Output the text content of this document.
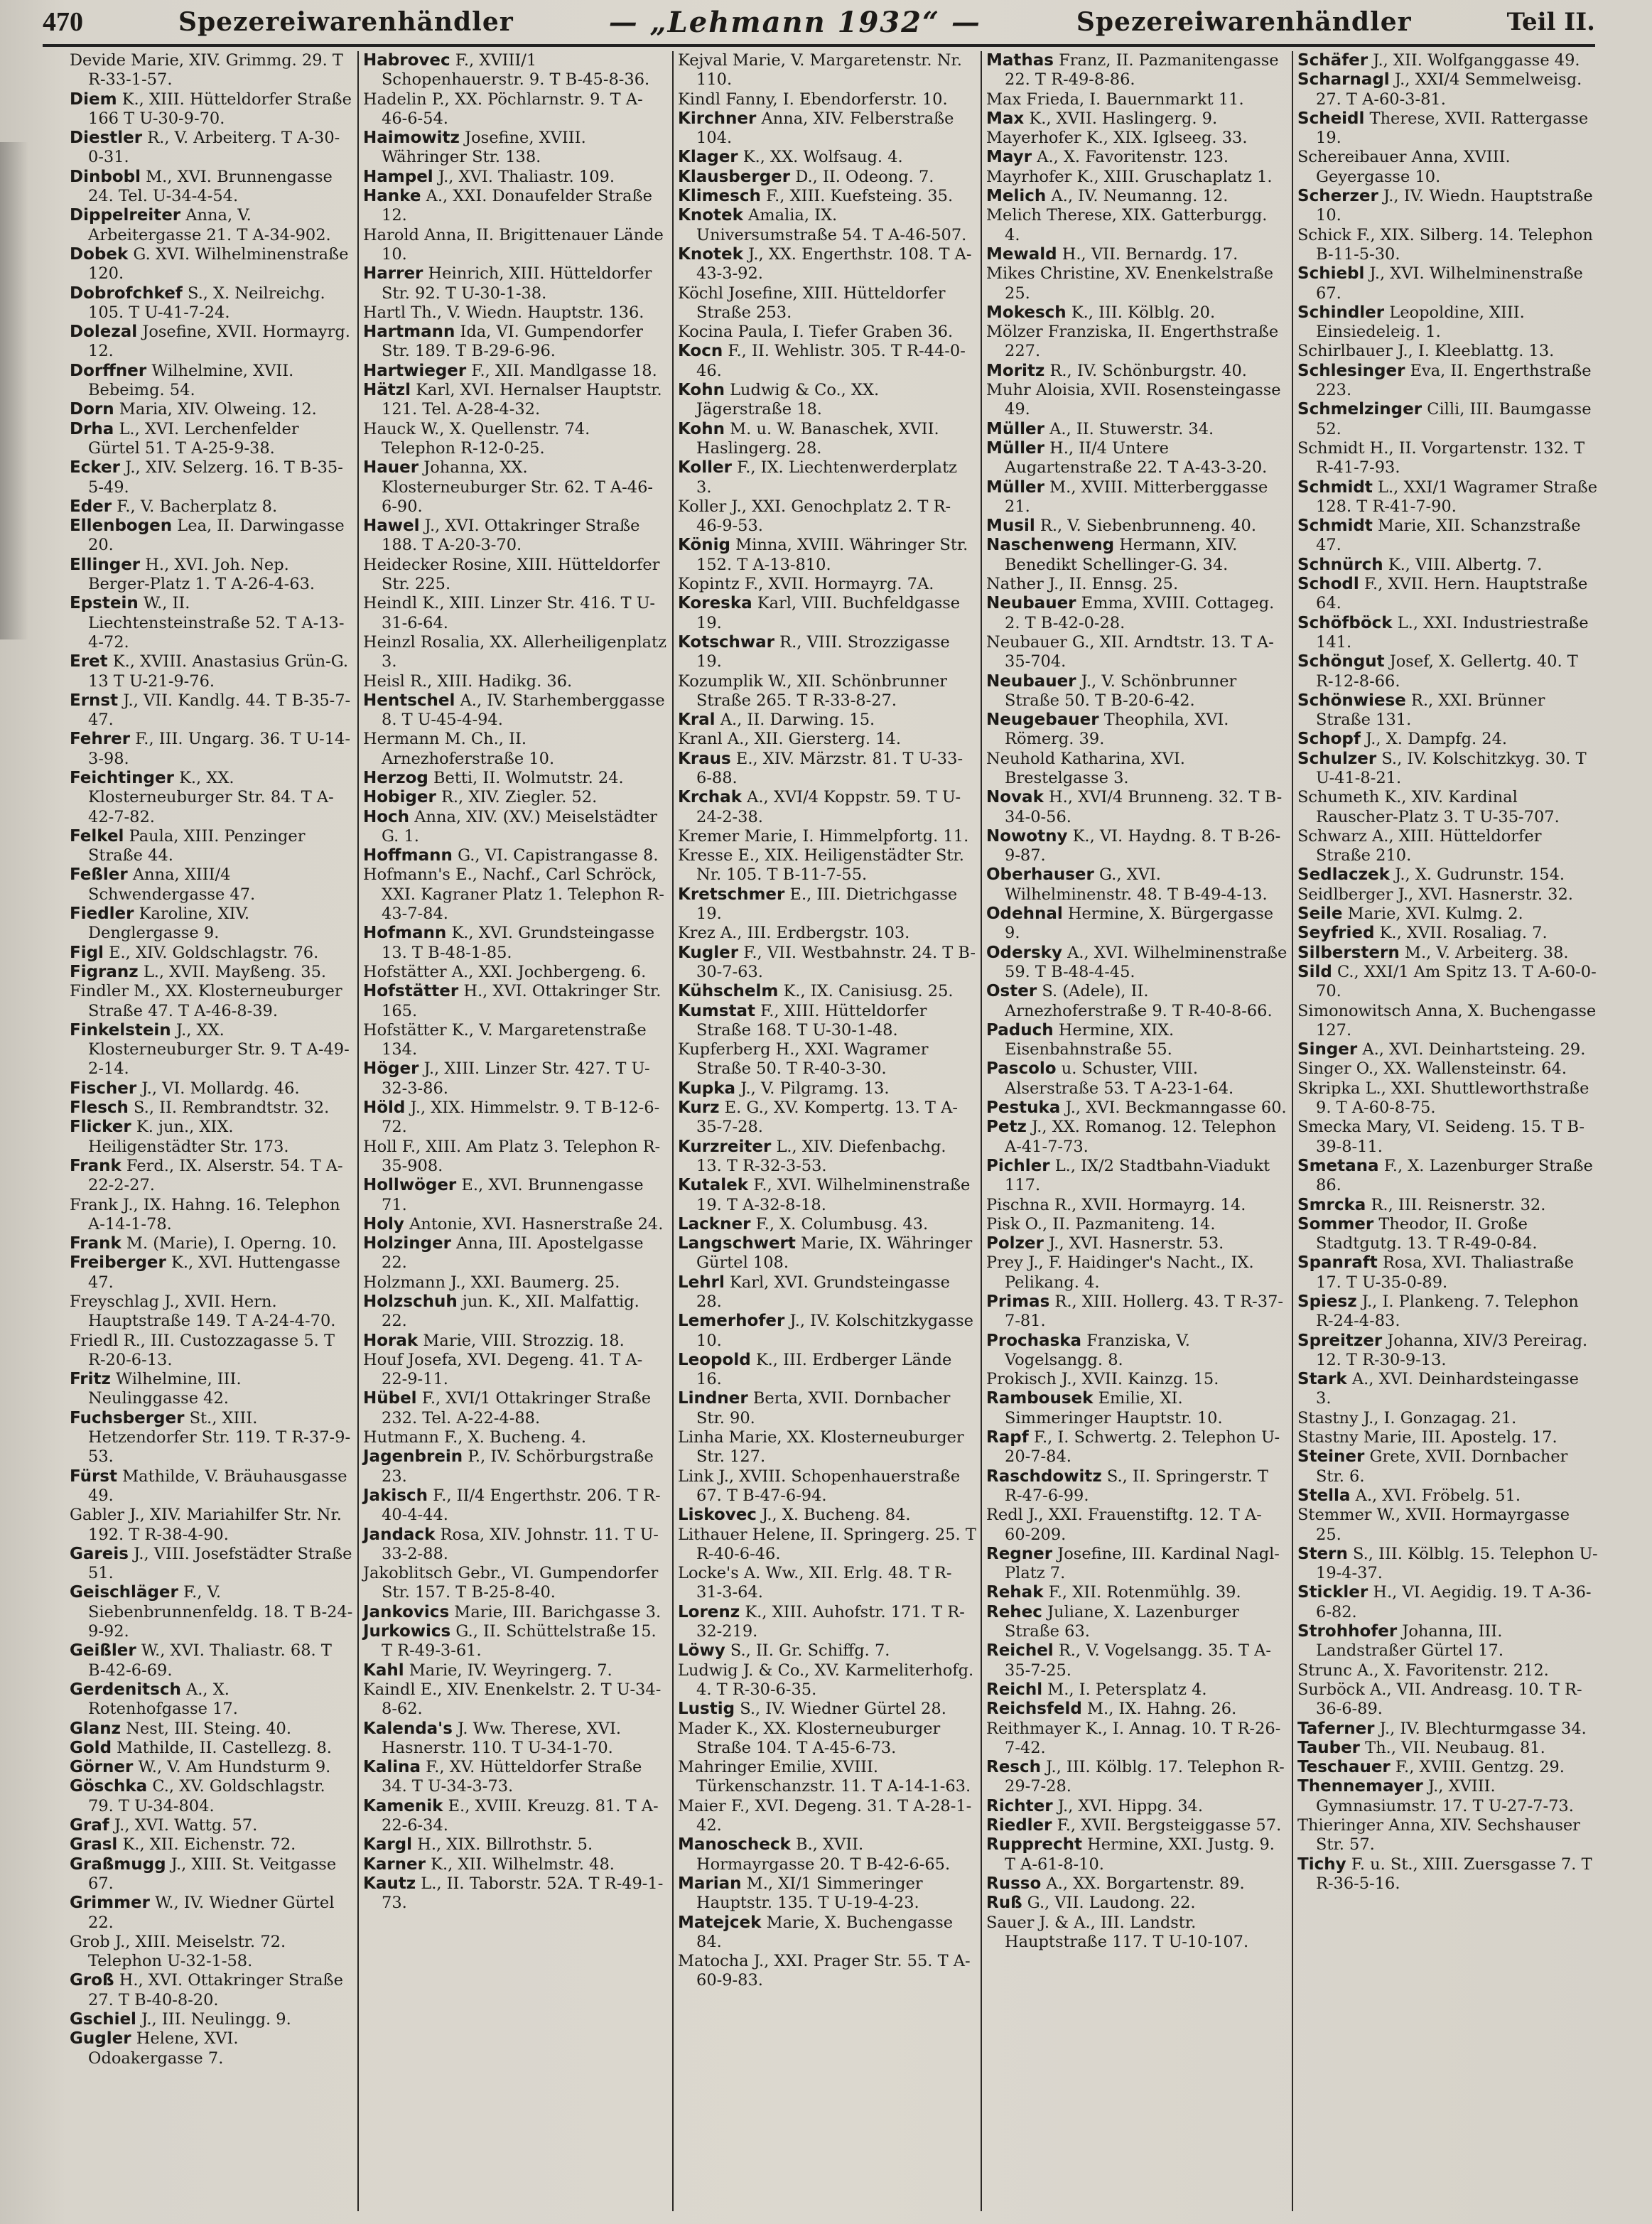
470	Spezereiwarenhändler	— „Lehmann 1932“ —	Spezereiwarenhändler	Teil II.

Devide Marie, XIV. Grimmg. 29. T R-33-1-57.

Diem K., XIII. Hütteldorfer Straße 166 T U-30-9-70.

Diestler R., V. Arbeiterg. T A-30-0-31.

Dinbobl M., XVI. Brunnengasse 24. Tel. U-34-4-54.

Dippelreiter Anna, V. Arbeitergasse 21. T A-34-902.

Dobek G. XVI. Wilhelminenstraße 120.

Dobrofchkef S., X. Neilreichg. 105. T U-41-7-24.

Dolezal Josefine, XVII. Hormayrg. 12.

Dorffner Wilhelmine, XVII. Bebeimg. 54.

Dorn Maria, XIV. Olweing. 12.

Drha L., XVI. Lerchenfelder Gürtel 51. T A-25-9-38.

Ecker J., XIV. Selzerg. 16. T B-35-5-49.

Eder F., V. Bacherplatz 8.

Ellenbogen Lea, II. Darwingasse 20.

Ellinger H., XVI. Joh. Nep. Berger-Platz 1. T A-26-4-63.

Epstein W., II. Liechtensteinstraße 52. T A-13-4-72.

Eret K., XVIII. Anastasius Grün-G. 13 T U-21-9-76.

Ernst J., VII. Kandlg. 44. T B-35-7-47.

Fehrer F., III. Ungarg. 36. T U-14-3-98.

Feichtinger K., XX. Klosterneuburger Str. 84. T A-42-7-82.

Felkel Paula, XIII. Penzinger Straße 44.

Feßler Anna, XIII/4 Schwendergasse 47.

Fiedler Karoline, XIV. Denglergasse 9.

Figl E., XIV. Goldschlagstr. 76.

Figranz L., XVII. Mayßeng. 35.

Findler M., XX. Klosterneuburger Straße 47. T A-46-8-39.

Finkelstein J., XX. Klosterneuburger Str. 9. T A-49-2-14.

Fischer J., VI. Mollardg. 46.

Flesch S., II. Rembrandtstr. 32.

Flicker K. jun., XIX. Heiligenstädter Str. 173.

Frank Ferd., IX. Alserstr. 54. T A-22-2-27.

Frank J., IX. Hahng. 16. Telephon A-14-1-78.

Frank M. (Marie), I. Operng. 10.

Freiberger K., XVI. Huttengasse 47.

Freyschlag J., XVII. Hern. Hauptstraße 149. T A-24-4-70.

Friedl R., III. Custozzagasse 5. T R-20-6-13.

Fritz Wilhelmine, III. Neulinggasse 42.

Fuchsberger St., XIII. Hetzendorfer Str. 119. T R-37-9-53.

Fürst Mathilde, V. Bräuhausgasse 49.

Gabler J., XIV. Mariahilfer Str. Nr. 192. T R-38-4-90.

Gareis J., VIII. Josefstädter Straße 51.

Geischläger F., V. Siebenbrunnenfeldg. 18. T B-24-9-92.

Geißler W., XVI. Thaliastr. 68. T B-42-6-69.

Gerdenitsch A., X. Rotenhofgasse 17.

Glanz Nest, III. Steing. 40.

Gold Mathilde, II. Castellezg. 8.

Görner W., V. Am Hundsturm 9.

Göschka C., XV. Goldschlagstr. 79. T U-34-804.

Graf J., XVI. Wattg. 57.

Grasl K., XII. Eichenstr. 72.

Graßmugg J., XIII. St. Veitgasse 67.

Grimmer W., IV. Wiedner Gürtel 22.

Grob J., XIII. Meiselstr. 72. Telephon U-32-1-58.

Groß H., XVI. Ottakringer Straße 27. T B-40-8-20.

Gschiel J., III. Neulingg. 9.

Gugler Helene, XVI. Odoakergasse 7.

Habrovec F., XVIII/1 Schopenhauerstr. 9. T B-45-8-36.

Hadelin P., XX. Pöchlarnstr. 9. T A-46-6-54.

Haimowitz Josefine, XVIII. Währinger Str. 138.

Hampel J., XVI. Thaliastr. 109.

Hanke A., XXI. Donaufelder Straße 12.

Harold Anna, II. Brigittenauer Lände 10.

Harrer Heinrich, XIII. Hütteldorfer Str. 92. T U-30-1-38.

Hartl Th., V. Wiedn. Hauptstr. 136.

Hartmann Ida, VI. Gumpendorfer Str. 189. T B-29-6-96.

Hartwieger F., XII. Mandlgasse 18.

Hätzl Karl, XVI. Hernalser Hauptstr. 121. Tel. A-28-4-32.

Hauck W., X. Quellenstr. 74. Telephon R-12-0-25.

Hauer Johanna, XX. Klosterneuburger Str. 62. T A-46-6-90.

Hawel J., XVI. Ottakringer Straße 188. T A-20-3-70.

Heidecker Rosine, XIII. Hütteldorfer Str. 225.

Heindl K., XIII. Linzer Str. 416. T U-31-6-64.

Heinzl Rosalia, XX. Allerheiligenplatz 3.

Heisl R., XIII. Hadikg. 36.

Hentschel A., IV. Starhemberggasse 8. T U-45-4-94.

Hermann M. Ch., II. Arnezhoferstraße 10.

Herzog Betti, II. Wolmutstr. 24.

Hobiger R., XIV. Ziegler. 52.

Hoch Anna, XIV. (XV.) Meiselstädter G. 1.

Hoffmann G., VI. Capistrangasse 8.

Hofmann's E., Nachf., Carl Schröck, XXI. Kagraner Platz 1. Telephon R-43-7-84.

Hofmann K., XVI. Grundsteingasse 13. T B-48-1-85.

Hofstätter A., XXI. Jochbergeng. 6.

Hofstätter H., XVI. Ottakringer Str. 165.

Hofstätter K., V. Margaretenstraße 134.

Höger J., XIII. Linzer Str. 427. T U-32-3-86.

Höld J., XIX. Himmelstr. 9. T B-12-6-72.

Holl F., XIII. Am Platz 3. Telephon R-35-908.

Hollwöger E., XVI. Brunnengasse 71.

Holy Antonie, XVI. Hasnerstraße 24.

Holzinger Anna, III. Apostelgasse 22.

Holzmann J., XXI. Baumerg. 25.

Holzschuh jun. K., XII. Malfattig. 22.

Horak Marie, VIII. Strozzig. 18.

Houf Josefa, XVI. Degeng. 41. T A-22-9-11.

Hübel F., XVI/1 Ottakringer Straße 232. Tel. A-22-4-88.

Hutmann F., X. Bucheng. 4.

Jagenbrein P., IV. Schörburgstraße 23.

Jakisch F., II/4 Engerthstr. 206. T R-40-4-44.

Jandack Rosa, XIV. Johnstr. 11. T U-33-2-88.

Jakoblitsch Gebr., VI. Gumpendorfer Str. 157. T B-25-8-40.

Jankovics Marie, III. Barichgasse 3.

Jurkowics G., II. Schüttelstraße 15. T R-49-3-61.

Kahl Marie, IV. Weyringerg. 7.

Kaindl E., XIV. Enenkelstr. 2. T U-34-8-62.

Kalenda's J. Ww. Therese, XVI. Hasnerstr. 110. T U-34-1-70.

Kalina F., XV. Hütteldorfer Straße 34. T U-34-3-73.

Kamenik E., XVIII. Kreuzg. 81. T A-22-6-34.

Kargl H., XIX. Billrothstr. 5.

Karner K., XII. Wilhelmstr. 48.

Kautz L., II. Taborstr. 52A. T R-49-1-73.

Kejval Marie, V. Margaretenstr. Nr. 110.

Kindl Fanny, I. Ebendorferstr. 10.

Kirchner Anna, XIV. Felberstraße 104.

Klager K., XX. Wolfsaug. 4.

Klausberger D., II. Odeong. 7.

Klimesch F., XIII. Kuefsteing. 35.

Knotek Amalia, IX. Universumstraße 54. T A-46-507.

Knotek J., XX. Engerthstr. 108. T A-43-3-92.

Köchl Josefine, XIII. Hütteldorfer Straße 253.

Kocina Paula, I. Tiefer Graben 36.

Kocn F., II. Wehlistr. 305. T R-44-0-46.

Kohn Ludwig & Co., XX. Jägerstraße 18.

Kohn M. u. W. Banaschek, XVII. Haslingerg. 28.

Koller F., IX. Liechtenwerderplatz 3.

Koller J., XXI. Genochplatz 2. T R-46-9-53.

König Minna, XVIII. Währinger Str. 152. T A-13-810.

Kopintz F., XVII. Hormayrg. 7A.

Koreska Karl, VIII. Buchfeldgasse 19.

Kotschwar R., VIII. Strozzigasse 19.

Kozumplik W., XII. Schönbrunner Straße 265. T R-33-8-27.

Kral A., II. Darwing. 15.

Kranl A., XII. Giersterg. 14.

Kraus E., XIV. Märzstr. 81. T U-33-6-88.

Krchak A., XVI/4 Koppstr. 59. T U-24-2-38.

Kremer Marie, I. Himmelpfortg. 11.

Kresse E., XIX. Heiligenstädter Str. Nr. 105. T B-11-7-55.

Kretschmer E., III. Dietrichgasse 19.

Krez A., III. Erdbergstr. 103.

Kugler F., VII. Westbahnstr. 24. T B-30-7-63.

Kühschelm K., IX. Canisiusg. 25.

Kumstat F., XIII. Hütteldorfer Straße 168. T U-30-1-48.

Kupferberg H., XXI. Wagramer Straße 50. T R-40-3-30.

Kupka J., V. Pilgramg. 13.

Kurz E. G., XV. Kompertg. 13. T A-35-7-28.

Kurzreiter L., XIV. Diefenbachg. 13. T R-32-3-53.

Kutalek F., XVI. Wilhelminenstraße 19. T A-32-8-18.

Lackner F., X. Columbusg. 43.

Langschwert Marie, IX. Währinger Gürtel 108.

Lehrl Karl, XVI. Grundsteingasse 28.

Lemerhofer J., IV. Kolschitzkygasse 10.

Leopold K., III. Erdberger Lände 16.

Lindner Berta, XVII. Dornbacher Str. 90.

Linha Marie, XX. Klosterneuburger Str. 127.

Link J., XVIII. Schopenhauerstraße 67. T B-47-6-94.

Liskovec J., X. Bucheng. 84.

Lithauer Helene, II. Springerg. 25. T R-40-6-46.

Locke's A. Ww., XII. Erlg. 48. T R-31-3-64.

Lorenz K., XIII. Auhofstr. 171. T R-32-219.

Löwy S., II. Gr. Schiffg. 7.

Ludwig J. & Co., XV. Karmeliterhofg. 4. T R-30-6-35.

Lustig S., IV. Wiedner Gürtel 28.

Mader K., XX. Klosterneuburger Straße 104. T A-45-6-73.

Mahringer Emilie, XVIII. Türkenschanzstr. 11. T A-14-1-63.

Maier F., XVI. Degeng. 31. T A-28-1-42.

Manoscheck B., XVII. Hormayrgasse 20. T B-42-6-65.

Marian M., XI/1 Simmeringer Hauptstr. 135. T U-19-4-23.

Matejcek Marie, X. Buchengasse 84.

Matocha J., XXI. Prager Str. 55. T A-60-9-83.

Mathas Franz, II. Pazmanitengasse 22. T R-49-8-86.

Max Frieda, I. Bauernmarkt 11.

Max K., XVII. Haslingerg. 9.

Mayerhofer K., XIX. Iglseeg. 33.

Mayr A., X. Favoritenstr. 123.

Mayrhofer K., XIII. Gruschaplatz 1.

Melich A., IV. Neumanng. 12.

Melich Therese, XIX. Gatterburgg. 4.

Mewald H., VII. Bernardg. 17.

Mikes Christine, XV. Enenkelstraße 25.

Mokesch K., III. Kölblg. 20.

Mölzer Franziska, II. Engerthstraße 227.

Moritz R., IV. Schönburgstr. 40.

Muhr Aloisia, XVII. Rosensteingasse 49.

Müller A., II. Stuwerstr. 34.

Müller H., II/4 Untere Augartenstraße 22. T A-43-3-20.

Müller M., XVIII. Mitterberggasse 21.

Musil R., V. Siebenbrunneng. 40.

Naschenweng Hermann, XIV. Benedikt Schellinger-G. 34.

Nather J., II. Ennsg. 25.

Neubauer Emma, XVIII. Cottageg. 2. T B-42-0-28.

Neubauer G., XII. Arndtstr. 13. T A-35-704.

Neubauer J., V. Schönbrunner Straße 50. T B-20-6-42.

Neugebauer Theophila, XVI. Römerg. 39.

Neuhold Katharina, XVI. Brestelgasse 3.

Novak H., XVI/4 Brunneng. 32. T B-34-0-56.

Nowotny K., VI. Haydng. 8. T B-26-9-87.

Oberhauser G., XVI. Wilhelminenstr. 48. T B-49-4-13.

Odehnal Hermine, X. Bürgergasse 9.

Odersky A., XVI. Wilhelminenstraße 59. T B-48-4-45.

Oster S. (Adele), II. Arnezhoferstraße 9. T R-40-8-66.

Paduch Hermine, XIX. Eisenbahnstraße 55.

Pascolo u. Schuster, VIII. Alserstraße 53. T A-23-1-64.

Pestuka J., XVI. Beckmanngasse 60.

Petz J., XX. Romanog. 12. Telephon A-41-7-73.

Pichler L., IX/2 Stadtbahn-Viadukt 117.

Pischna R., XVII. Hormayrg. 14.

Pisk O., II. Pazmaniteng. 14.

Polzer J., XVI. Hasnerstr. 53.

Prey J., F. Haidinger's Nacht., IX. Pelikang. 4.

Primas R., XIII. Hollerg. 43. T R-37-7-81.

Prochaska Franziska, V. Vogelsangg. 8.

Prokisch J., XVII. Kainzg. 15.

Rambousek Emilie, XI. Simmeringer Hauptstr. 10.

Rapf F., I. Schwertg. 2. Telephon U-20-7-84.

Raschdowitz S., II. Springerstr. T R-47-6-99.

Redl J., XXI. Frauenstiftg. 12. T A-60-209.

Regner Josefine, III. Kardinal Nagl-Platz 7.

Rehak F., XII. Rotenmühlg. 39.

Rehec Juliane, X. Lazenburger Straße 63.

Reichel R., V. Vogelsangg. 35. T A-35-7-25.

Reichl M., I. Petersplatz 4.

Reichsfeld M., IX. Hahng. 26.

Reithmayer K., I. Annag. 10. T R-26-7-42.

Resch J., III. Kölblg. 17. Telephon R-29-7-28.

Richter J., XVI. Hippg. 34.

Riedler F., XVII. Bergsteiggasse 57.

Rupprecht Hermine, XXI. Justg. 9. T A-61-8-10.

Russo A., XX. Borgartenstr. 89.

Ruß G., VII. Laudong. 22.

Sauer J. & A., III. Landstr. Hauptstraße 117. T U-10-107.

Schäfer J., XII. Wolfganggasse 49.

Scharnagl J., XXI/4 Semmelweisg. 27. T A-60-3-81.

Scheidl Therese, XVII. Rattergasse 19.

Schereibauer Anna, XVIII. Geyergasse 10.

Scherzer J., IV. Wiedn. Hauptstraße 10.

Schick F., XIX. Silberg. 14. Telephon B-11-5-30.

Schiebl J., XVI. Wilhelminenstraße 67.

Schindler Leopoldine, XIII. Einsiedeleig. 1.

Schirlbauer J., I. Kleeblattg. 13.

Schlesinger Eva, II. Engerthstraße 223.

Schmelzinger Cilli, III. Baumgasse 52.

Schmidt H., II. Vorgartenstr. 132. T R-41-7-93.

Schmidt L., XXI/1 Wagramer Straße 128. T R-41-7-90.

Schmidt Marie, XII. Schanzstraße 47.

Schnürch K., VIII. Albertg. 7.

Schodl F., XVII. Hern. Hauptstraße 64.

Schöfböck L., XXI. Industriestraße 141.

Schöngut Josef, X. Gellertg. 40. T R-12-8-66.

Schönwiese R., XXI. Brünner Straße 131.

Schopf J., X. Dampfg. 24.

Schulzer S., IV. Kolschitzkyg. 30. T U-41-8-21.

Schumeth K., XIV. Kardinal Rauscher-Platz 3. T U-35-707.

Schwarz A., XIII. Hütteldorfer Straße 210.

Sedlaczek J., X. Gudrunstr. 154.

Seidlberger J., XVI. Hasnerstr. 32.

Seile Marie, XVI. Kulmg. 2.

Seyfried K., XVII. Rosaliag. 7.

Silberstern M., V. Arbeiterg. 38.

Sild C., XXI/1 Am Spitz 13. T A-60-0-70.

Simonowitsch Anna, X. Buchengasse 127.

Singer A., XVI. Deinhartsteing. 29.

Singer O., XX. Wallensteinstr. 64.

Skripka L., XXI. Shuttleworthstraße 9. T A-60-8-75.

Smecka Mary, VI. Seideng. 15. T B-39-8-11.

Smetana F., X. Lazenburger Straße 86.

Smrcka R., III. Reisnerstr. 32.

Sommer Theodor, II. Große Stadtgutg. 13. T R-49-0-84.

Spanraft Rosa, XVI. Thaliastraße 17. T U-35-0-89.

Spiesz J., I. Plankeng. 7. Telephon R-24-4-83.

Spreitzer Johanna, XIV/3 Pereirag. 12. T R-30-9-13.

Stark A., XVI. Deinhardsteingasse 3.

Stastny J., I. Gonzagag. 21.

Stastny Marie, III. Apostelg. 17.

Steiner Grete, XVII. Dornbacher Str. 6.

Stella A., XVI. Fröbelg. 51.

Stemmer W., XVII. Hormayrgasse 25.

Stern S., III. Kölblg. 15. Telephon U-19-4-37.

Stickler H., VI. Aegidig. 19. T A-36-6-82.

Strohhofer Johanna, III. Landstraßer Gürtel 17.

Strunc A., X. Favoritenstr. 212.

Surböck A., VII. Andreasg. 10. T R-36-6-89.

Taferner J., IV. Blechturmgasse 34.

Tauber Th., VII. Neubaug. 81.

Teschauer F., XVIII. Gentzg. 29.

Thennemayer J., XVIII. Gymnasiumstr. 17. T U-27-7-73.

Thieringer Anna, XIV. Sechshauser Str. 57.

Tichy F. u. St., XIII. Zuersgasse 7. T R-36-5-16.
